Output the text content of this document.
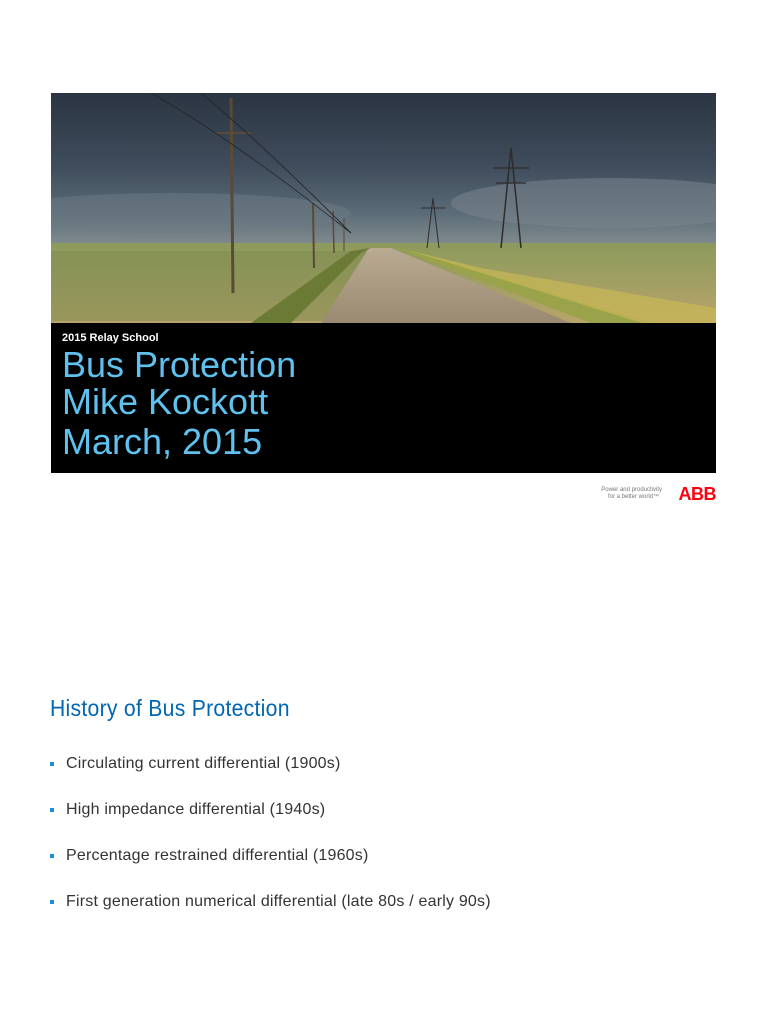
2015 Relay School
Bus Protection
Mike Kockott
March, 2015
Power and productivity
for a better world™ ABB
History of Bus Protection
Circulating current differential (1900s)
High impedance differential (1940s)
Percentage restrained differential (1960s)
First generation numerical differential (late 80s / early 90s)
